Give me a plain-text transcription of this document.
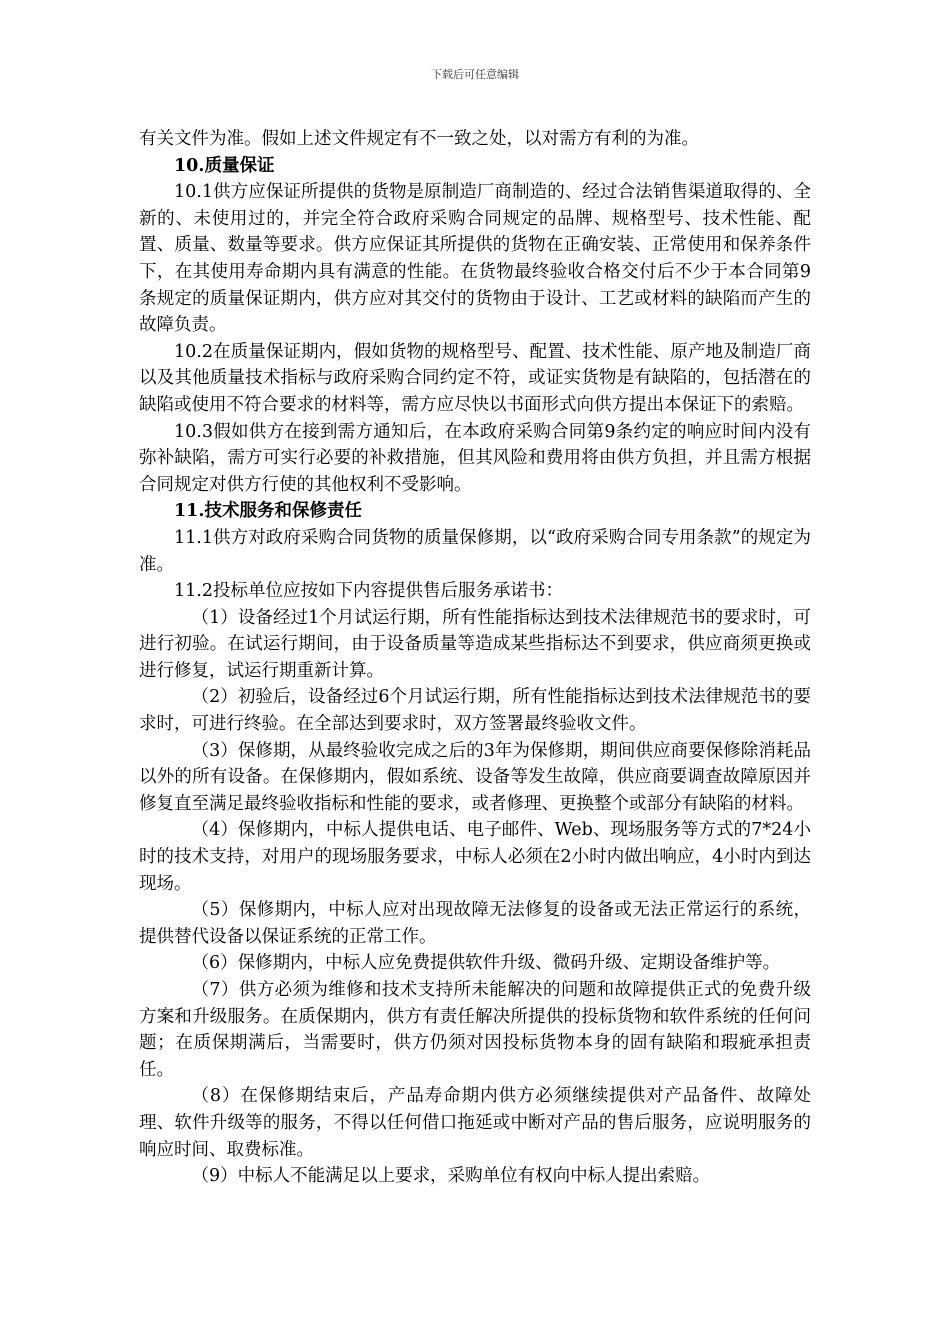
下载后可任意编辑

有关文件为准。假如上述文件规定有不一致之处，以对需方有利的为准。

10.质量保证

10.1供方应保证所提供的货物是原制造厂商制造的、经过合法销售渠道取得的、全新的、未使用过的，并完全符合政府采购合同规定的品牌、规格型号、技术性能、配置、质量、数量等要求。供方应保证其所提供的货物在正确安装、正常使用和保养条件下，在其使用寿命期内具有满意的性能。在货物最终验收合格交付后不少于本合同第9条规定的质量保证期内，供方应对其交付的货物由于设计、工艺或材料的缺陷而产生的故障负责。

10.2在质量保证期内，假如货物的规格型号、配置、技术性能、原产地及制造厂商以及其他质量技术指标与政府采购合同约定不符，或证实货物是有缺陷的，包括潜在的缺陷或使用不符合要求的材料等，需方应尽快以书面形式向供方提出本保证下的索赔。

10.3假如供方在接到需方通知后，在本政府采购合同第9条约定的响应时间内没有弥补缺陷，需方可实行必要的补救措施，但其风险和费用将由供方负担，并且需方根据合同规定对供方行使的其他权利不受影响。

11.技术服务和保修责任

11.1供方对政府采购合同货物的质量保修期，以“政府采购合同专用条款”的规定为准。

11.2投标单位应按如下内容提供售后服务承诺书：

（1）设备经过1个月试运行期，所有性能指标达到技术法律规范书的要求时，可进行初验。在试运行期间，由于设备质量等造成某些指标达不到要求，供应商须更换或进行修复，试运行期重新计算。

（2）初验后，设备经过6个月试运行期，所有性能指标达到技术法律规范书的要求时，可进行终验。在全部达到要求时，双方签署最终验收文件。

（3）保修期，从最终验收完成之后的3年为保修期，期间供应商要保修除消耗品以外的所有设备。在保修期内，假如系统、设备等发生故障，供应商要调查故障原因并修复直至满足最终验收指标和性能的要求，或者修理、更换整个或部分有缺陷的材料。

（4）保修期内，中标人提供电话、电子邮件、Web、现场服务等方式的7*24小时的技术支持，对用户的现场服务要求，中标人必须在2小时内做出响应，4小时内到达现场。

（5）保修期内，中标人应对出现故障无法修复的设备或无法正常运行的系统，提供替代设备以保证系统的正常工作。

（6）保修期内，中标人应免费提供软件升级、微码升级、定期设备维护等。

（7）供方必须为维修和技术支持所未能解决的问题和故障提供正式的免费升级方案和升级服务。在质保期内，供方有责任解决所提供的投标货物和软件系统的任何问题；在质保期满后，当需要时，供方仍须对因投标货物本身的固有缺陷和瑕疵承担责任。

（8）在保修期结束后，产品寿命期内供方必须继续提供对产品备件、故障处理、软件升级等的服务，不得以任何借口拖延或中断对产品的售后服务，应说明服务的响应时间、取费标准。

（9）中标人不能满足以上要求，采购单位有权向中标人提出索赔。
